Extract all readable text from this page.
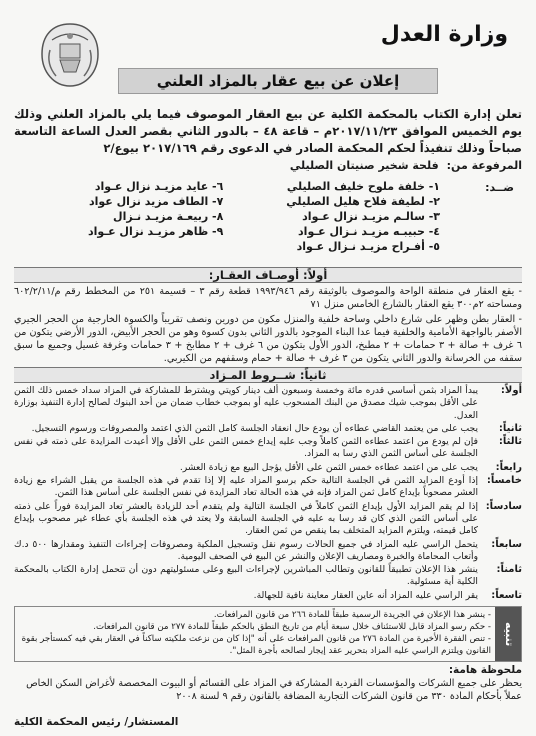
وزارة العدل
إعلان عن بيع عقار بالمزاد العلني
تعلن إدارة الكتاب بالمحكمة الكلية عن بيع العقار الموصوف فيما يلي بالمزاد العلني وذلك يوم الخميس الموافق ٢٠١٧/١١/٢٣م – قاعة ٤٨ – بالدور الثاني بقصر العدل الساعة التاسعة صباحاً وذلك تنفيذاً لحكم المحكمة الصادر في الدعوى رقم ٢٠١٧/١٦٩ بيوع/٢
المرفوعة من:
فلحة شخير صنيتان الصليلي
ضــد:
١- خلفة ملوح خليف الصليلي
٢- لطيفة فلاح هليل الصليلي
٣- سالـم مزيـد نزال عـواد
٤- حبيبـه مزيـد نـزال عـواد
٥- أفـراح مزيـد نـزال عـواد
٦- عايد مزيـد نزال عـواد
٧- الطاف مزيد نزال عواد
٨- ربيعـة مزيـد نـزال
٩- ظاهر مزيـد نزال عـواد
أولاً: أوصـاف العقـار:

- يقع العقار في منطقة الواحة والموصوف بالوثيقة رقم ١٩٩٣/٩٤٦ قطعة رقم ٣ – قسيمة ٢٥١ من المخطط رقم م/٦٠٢/٢/١١ ومساحته ٢م٣٠٠ يقع العقار بالشارع الخامس منزل ٧١

- العقار بطن وظهر على شارع داخلي وساحة خلفية والمنزل مكون من دورين ونصف تقريباً والكسوة الخارجية من الحجر الجيري الأصفر بالواجهة الأمامية والخلفية فيما عدا البناء الموجود بالدور الثاني بدون كسوة وهو من الحجر الأبيض، الدور الأرضي يتكون من ٦ غرف + صالة + ٣ حمامات + ٢ مطبخ، الدور الأول يتكون من ٦ غرف + ٢ مطابخ + ٣ حمامات وغرفة غسيل وجميع ما سبق سقفه من الخرسانة والدور الثاني يتكون من ٣ غرف + صالة + حمام وسقفهم من الكيربي.

ثانياً: شــروط المـزاد
أولاً:
يبدأ المزاد بثمن أساسي قدره مائة وخمسة وسبعون ألف دينار كويتي ويشترط للمشاركة في المزاد سداد خمس ذلك الثمن على الأقل بموجب شيك مصدق من البنك المسحوب عليه أو بموجب خطاب ضمان من أحد البنوك لصالح إدارة التنفيذ بوزارة العدل.
ثانياً:
يجب على من يعتمد القاضي عطاءه أن يودع حال انعقاد الجلسة كامل الثمن الذي اعتمد والمصروفات ورسوم التسجيل.
ثالثاً:
فإن لم يودع من اعتمد عطاءه الثمن كاملاً وجب عليه إيداع خمس الثمن على الأقل وإلا أعيدت المزايدة على ذمته في نفس الجلسة على أساس الثمن الذي رسا به المزاد.
رابعاً:
يجب على من اعتمد عطاءه خمس الثمن على الأقل يؤجل البيع مع زيادة العشر.
خامساً:
إذا أودع المزايد الثمن في الجلسة التالية حكم برسو المزاد عليه إلا إذا تقدم في هذه الجلسة من يقبل الشراء مع زيادة العشر مصحوباً بإيداع كامل ثمن المزاد فإنه في هذه الحالة تعاد المزايدة في نفس الجلسة على أساس هذا الثمن.
سادساً:
إذا لم يقم المزايد الأول بإيداع الثمن كاملاً في الجلسة التالية ولم يتقدم أحد للزيادة بالعشر تعاد المزايدة فوراً على ذمته على أساس الثمن الذي كان قد رسا به عليه في الجلسة السابقة ولا يعتد في هذه الجلسة بأي عطاء غير مصحوب بإيداع كامل قيمته، ويلتزم المزايد المتخلف بما ينقص من ثمن العقار.
سابعاً:
يتحمل الراسي عليه المزاد في جميع الحالات رسوم نقل وتسجيل الملكية ومصروفات إجراءات التنفيذ ومقدارها ٥٠٠ د.ك وأتعاب المحاماة والخبرة ومصاريف الإعلان والنشر عن البيع في الصحف اليومية.
ثامناً:
ينشر هذا الإعلان تطبيقاً للقانون وتطالب المباشرين لإجراءات البيع وعلى مسئوليتهم دون أن تتحمل إدارة الكتاب بالمحكمة الكلية أية مسئولية.
تاسعاً:
يقر الراسي عليه المزاد أنه عاين العقار معاينة نافية للجهالة.
تنبيه
- ينشر هذا الإعلان في الجريدة الرسمية طبقاً للمادة ٢٦٦ من قانون المرافعات.
- حكم رسو المزاد قابل للاستئناف خلال سبعة أيام من تاريخ النطق بالحكم طبقاً للمادة ٢٧٧ من قانون المرافعات.
- تنص الفقرة الأخيرة من المادة ٢٧٦ من قانون المرافعات على أنه "إذا كان من نزعت ملكيته ساكناً في العقار بقي فيه كمستأجر بقوة القانون ويلتزم الراسي عليه المزاد بتحرير عقد إيجار لصالحه بأجرة المثل".
ملحوظة هامة:
يحظر على جميع الشركات والمؤسسات الفردية المشاركة في المزاد على القسائم أو البيوت المخصصة لأغراض السكن الخاص عملاً بأحكام المادة ٣٣٠ من قانون الشركات التجارية المضافة بالقانون رقم ٩ لسنة ٢٠٠٨
المستشار/ رئيس المحكمة الكلية
